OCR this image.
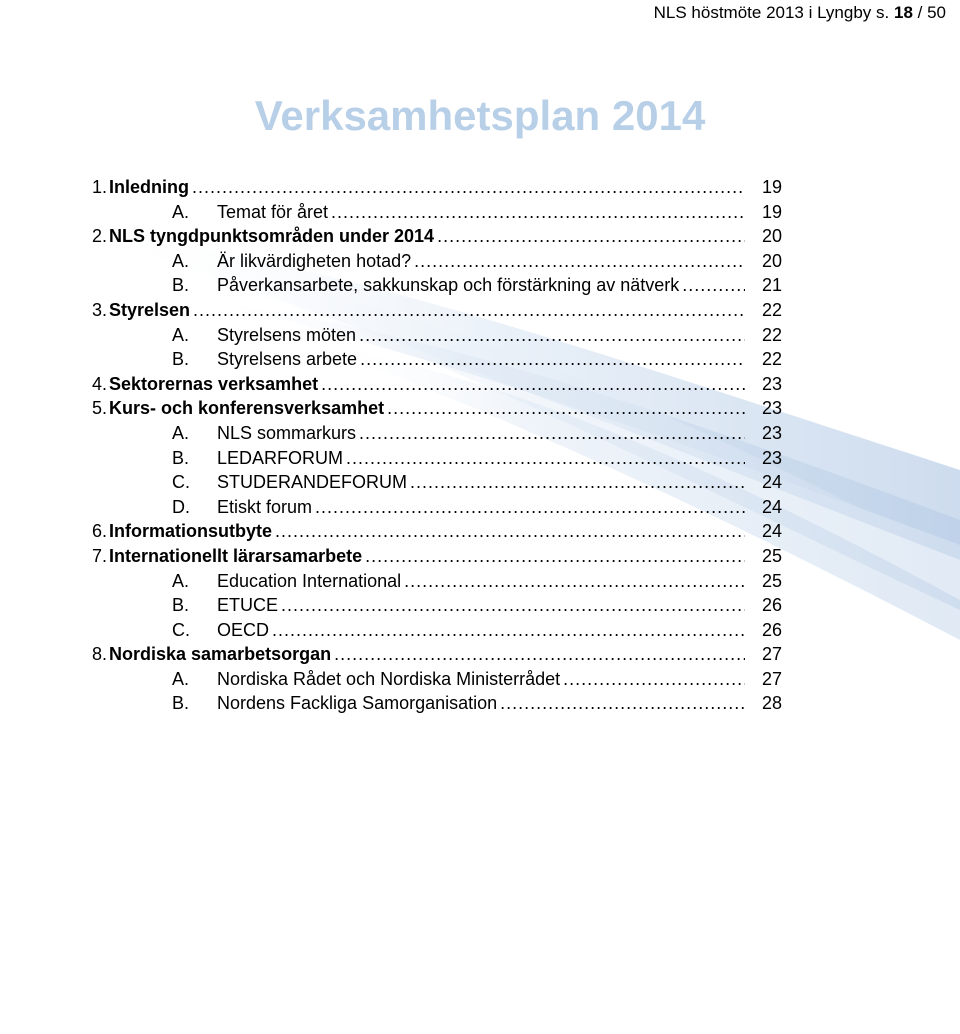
NLS höstmöte 2013 i Lyngby s. 18 / 50
Verksamhetsplan 2014
1. Inledning .....	19
A.	Temat för året .....	19
2. NLS tyngdpunktsområden under 2014 .....	20
A.	Är likvärdigheten hotad? .....	20
B.	Påverkansarbete, sakkunskap och förstärkning av nätverk .....	21
3. Styrelsen .....	22
A.	Styrelsens möten .....	22
B.	Styrelsens arbete .....	22
4. Sektorernas verksamhet .....	23
5. Kurs- och konferensverksamhet .....	23
A.	NLS sommarkurs .....	23
B.	LEDARFORUM .....	23
C.	STUDERANDEFORUM .....	24
D.	Etiskt forum .....	24
6. Informationsutbyte .....	24
7. Internationellt lärarsamarbete .....	25
A.	Education International .....	25
B.	ETUCE .....	26
C.	OECD .....	26
8. Nordiska samarbetsorgan .....	27
A.	Nordiska Rådet och Nordiska Ministerrådet .....	27
B.	Nordens Fackliga Samorganisation .....	28
